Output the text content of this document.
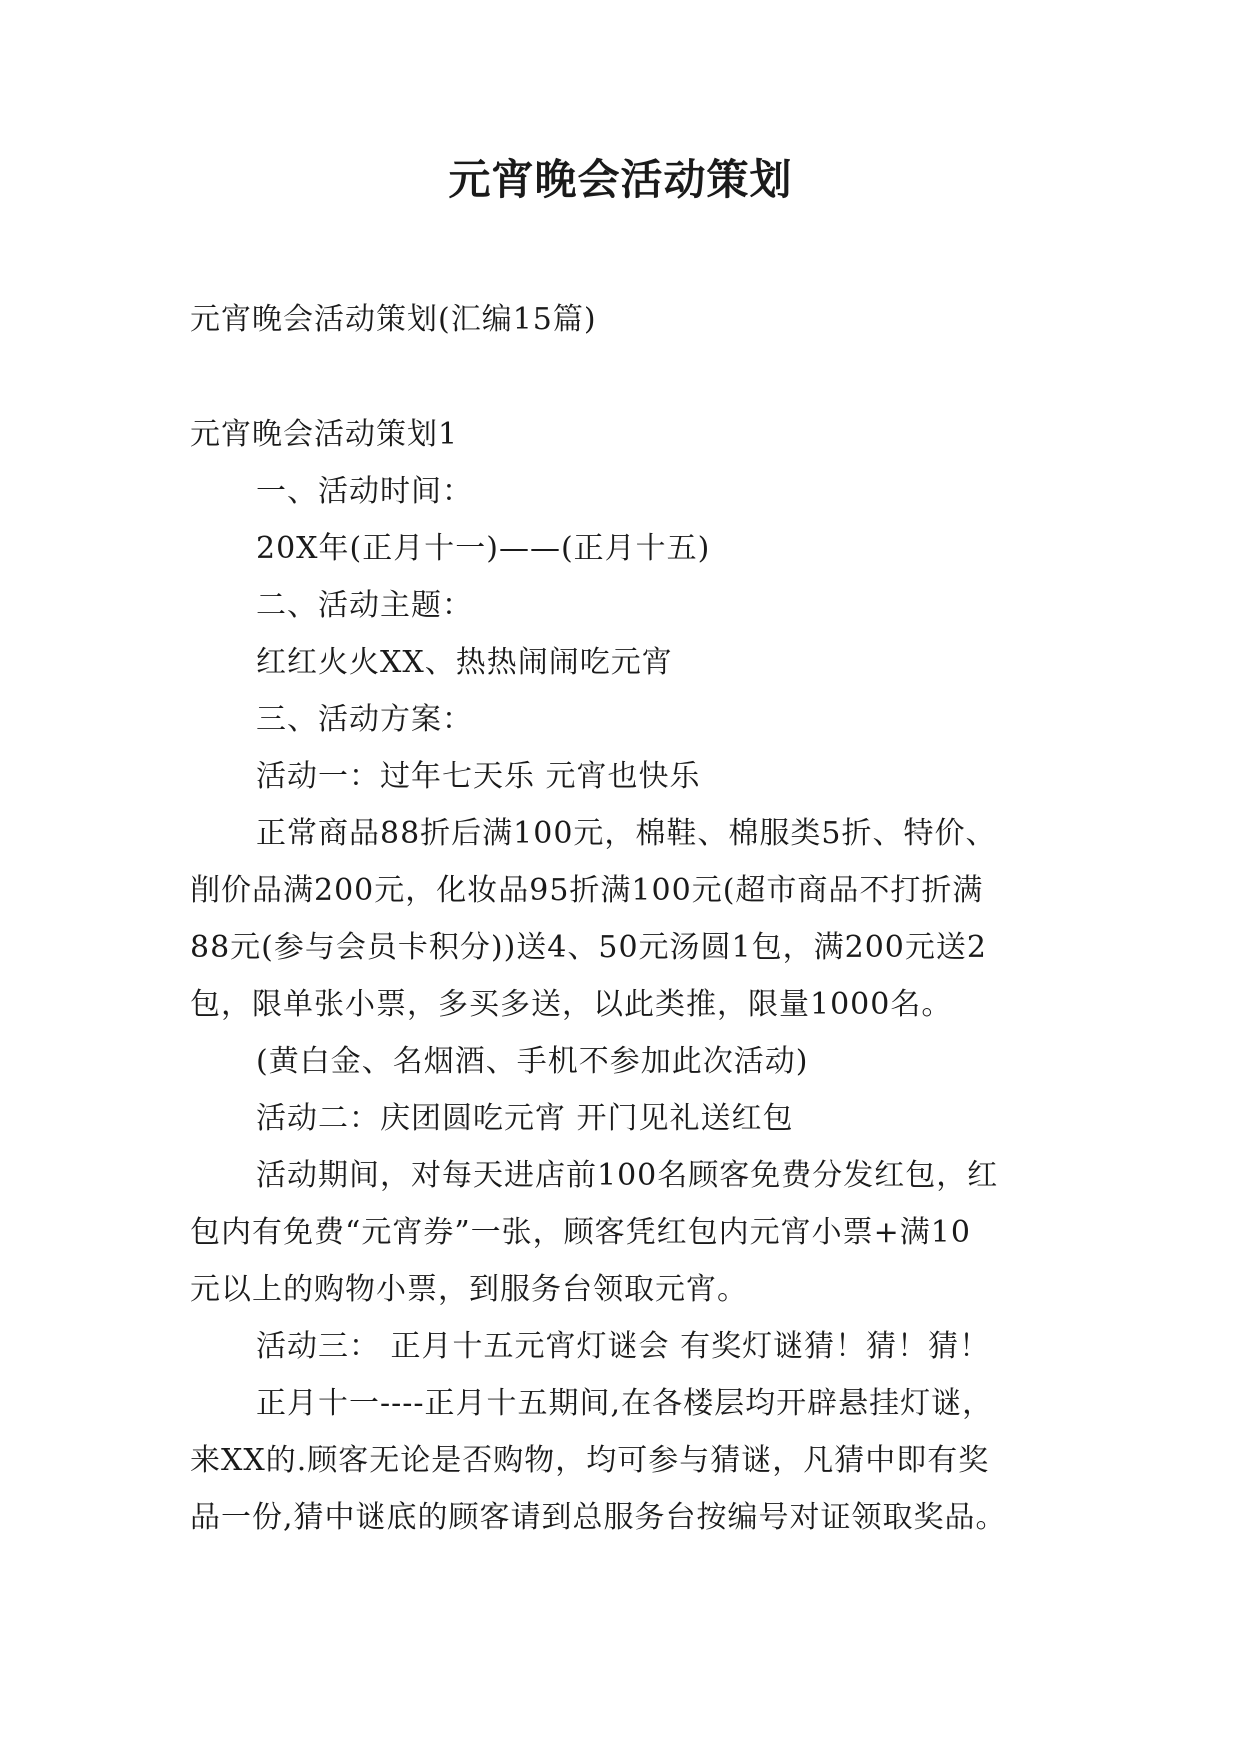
元宵晚会活动策划

元宵晚会活动策划(汇编15篇)

元宵晚会活动策划1

一、活动时间：

20X年(正月十一)——(正月十五)

二、活动主题：

红红火火XX、热热闹闹吃元宵

三、活动方案：

活动一：过年七天乐 元宵也快乐

正常商品88折后满100元，棉鞋、棉服类5折、特价、

削价品满200元，化妆品95折满100元(超市商品不打折满

88元(参与会员卡积分))送4、50元汤圆1包，满200元送2

包，限单张小票，多买多送，以此类推，限量1000名。

(黄白金、名烟酒、手机不参加此次活动)

活动二：庆团圆吃元宵 开门见礼送红包

活动期间，对每天进店前100名顾客免费分发红包，红

包内有免费“元宵券”一张，顾客凭红包内元宵小票+满10

元以上的购物小票，到服务台领取元宵。

活动三： 正月十五元宵灯谜会 有奖灯谜猜！猜！猜！

正月十一----正月十五期间,在各楼层均开辟悬挂灯谜，

来XX的.顾客无论是否购物，均可参与猜谜，凡猜中即有奖

品一份,猜中谜底的顾客请到总服务台按编号对证领取奖品。
